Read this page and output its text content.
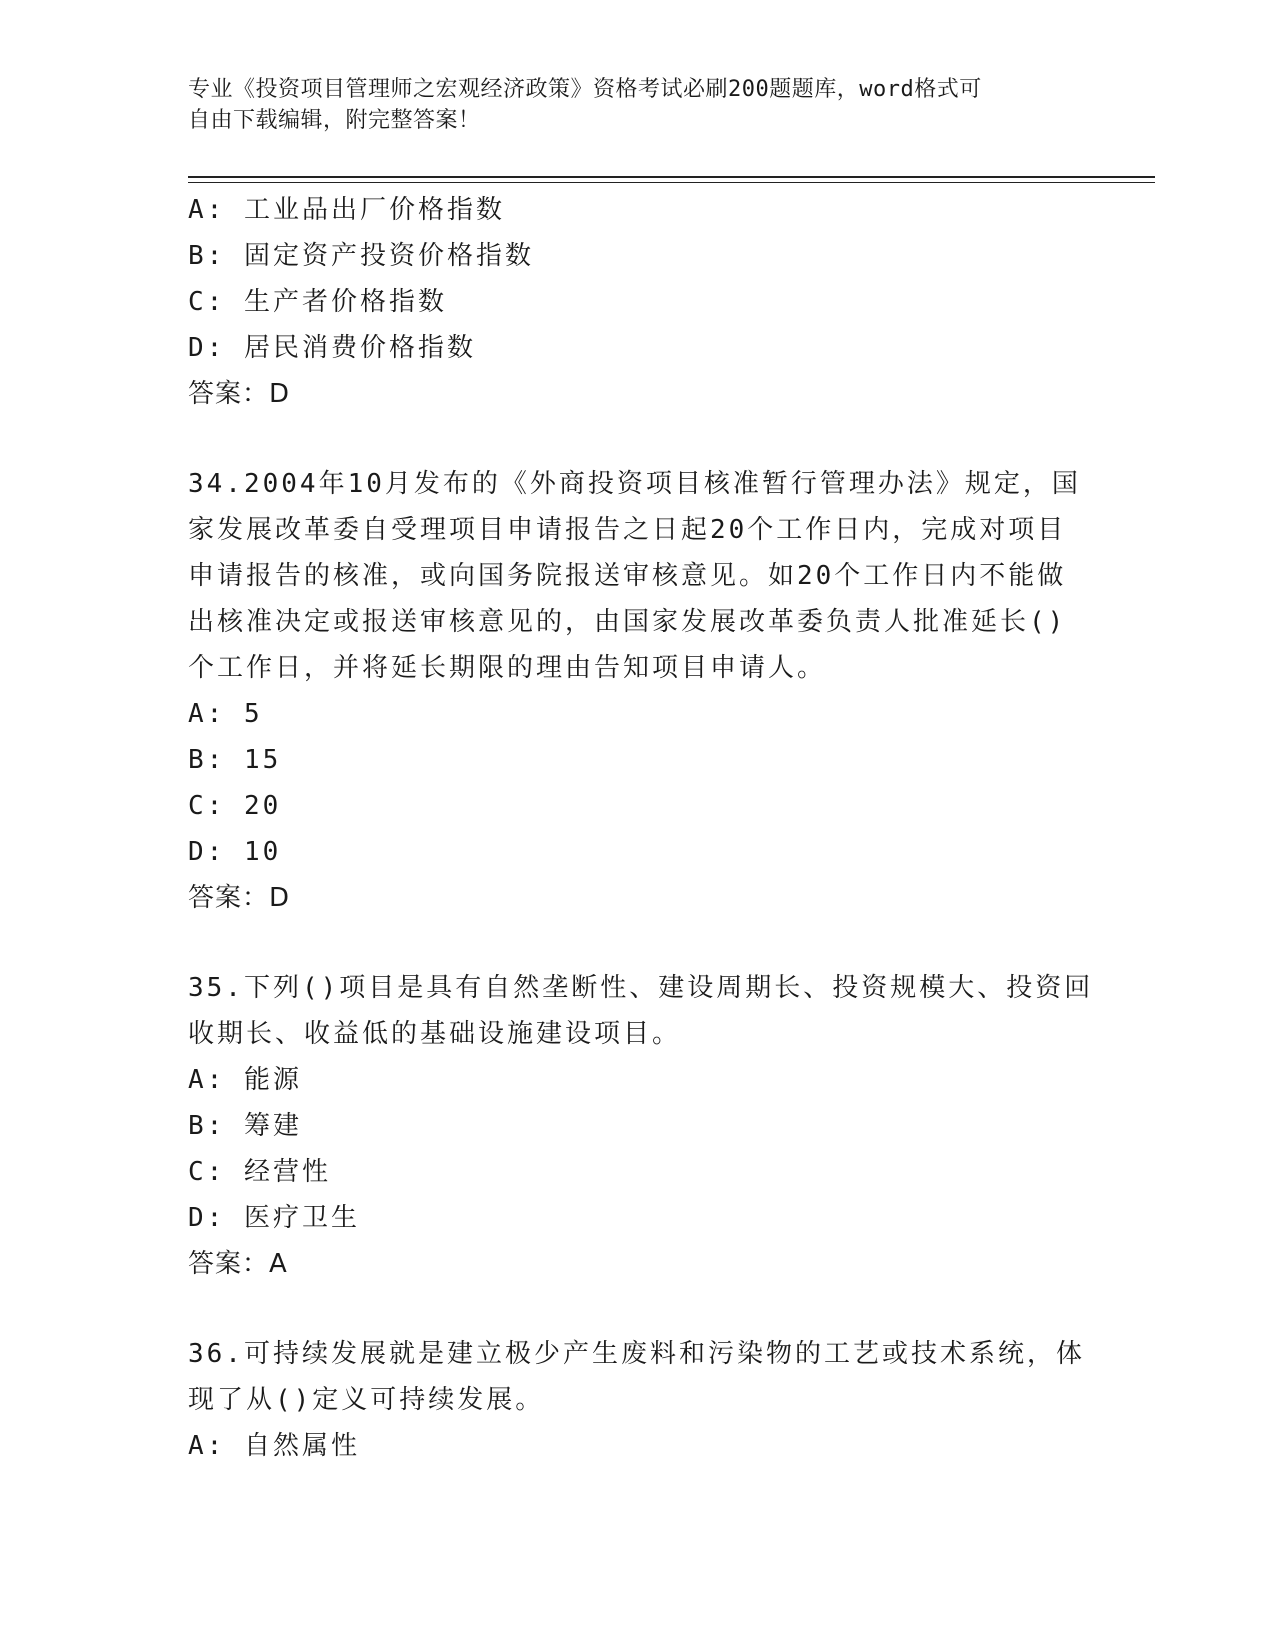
专业《投资项目管理师之宏观经济政策》资格考试必刷200题题库，word格式可
自由下载编辑，附完整答案！
A: 工业品出厂价格指数
B: 固定资产投资价格指数
C: 生产者价格指数
D: 居民消费价格指数
答案：D
34.2004年10月发布的《外商投资项目核准暂行管理办法》规定，国
家发展改革委自受理项目申请报告之日起20个工作日内，完成对项目
申请报告的核准，或向国务院报送审核意见。如20个工作日内不能做
出核准决定或报送审核意见的，由国家发展改革委负责人批准延长()
个工作日，并将延长期限的理由告知项目申请人。
A: 5
B: 15
C: 20
D: 10
答案：D
35.下列()项目是具有自然垄断性、建设周期长、投资规模大、投资回
收期长、收益低的基础设施建设项目。
A: 能源
B: 筹建
C: 经营性
D: 医疗卫生
答案：A
36.可持续发展就是建立极少产生废料和污染物的工艺或技术系统，体
现了从()定义可持续发展。
A: 自然属性
